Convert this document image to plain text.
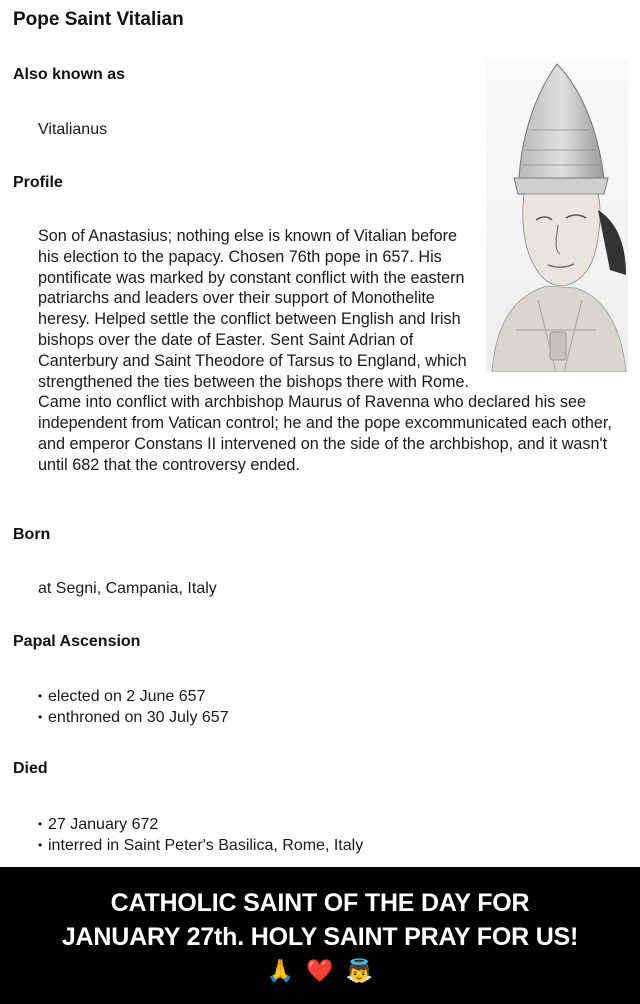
Pope Saint Vitalian
Also known as
Vitalianus
Profile
Son of Anastasius; nothing else is known of Vitalian before his election to the papacy. Chosen 76th pope in 657. His pontificate was marked by constant conflict with the eastern patriarchs and leaders over their support of Monothelite heresy. Helped settle the conflict between English and Irish bishops over the date of Easter. Sent Saint Adrian of Canterbury and Saint Theodore of Tarsus to England, which strengthened the ties between the bishops there with Rome. Came into conflict with archbishop Maurus of Ravenna who declared his see independent from Vatican control; he and the pope excommunicated each other, and emperor Constans II intervened on the side of the archbishop, and it wasn't until 682 that the controversy ended.
Born
at Segni, Campania, Italy
Papal Ascension
• elected on 2 June 657
• enthroned on 30 July 657
Died
• 27 January 672
• interred in Saint Peter's Basilica, Rome, Italy
CATHOLIC SAINT OF THE DAY FOR
JANUARY 27th. HOLY SAINT PRAY FOR US!
🙏 ❤️ 👼
